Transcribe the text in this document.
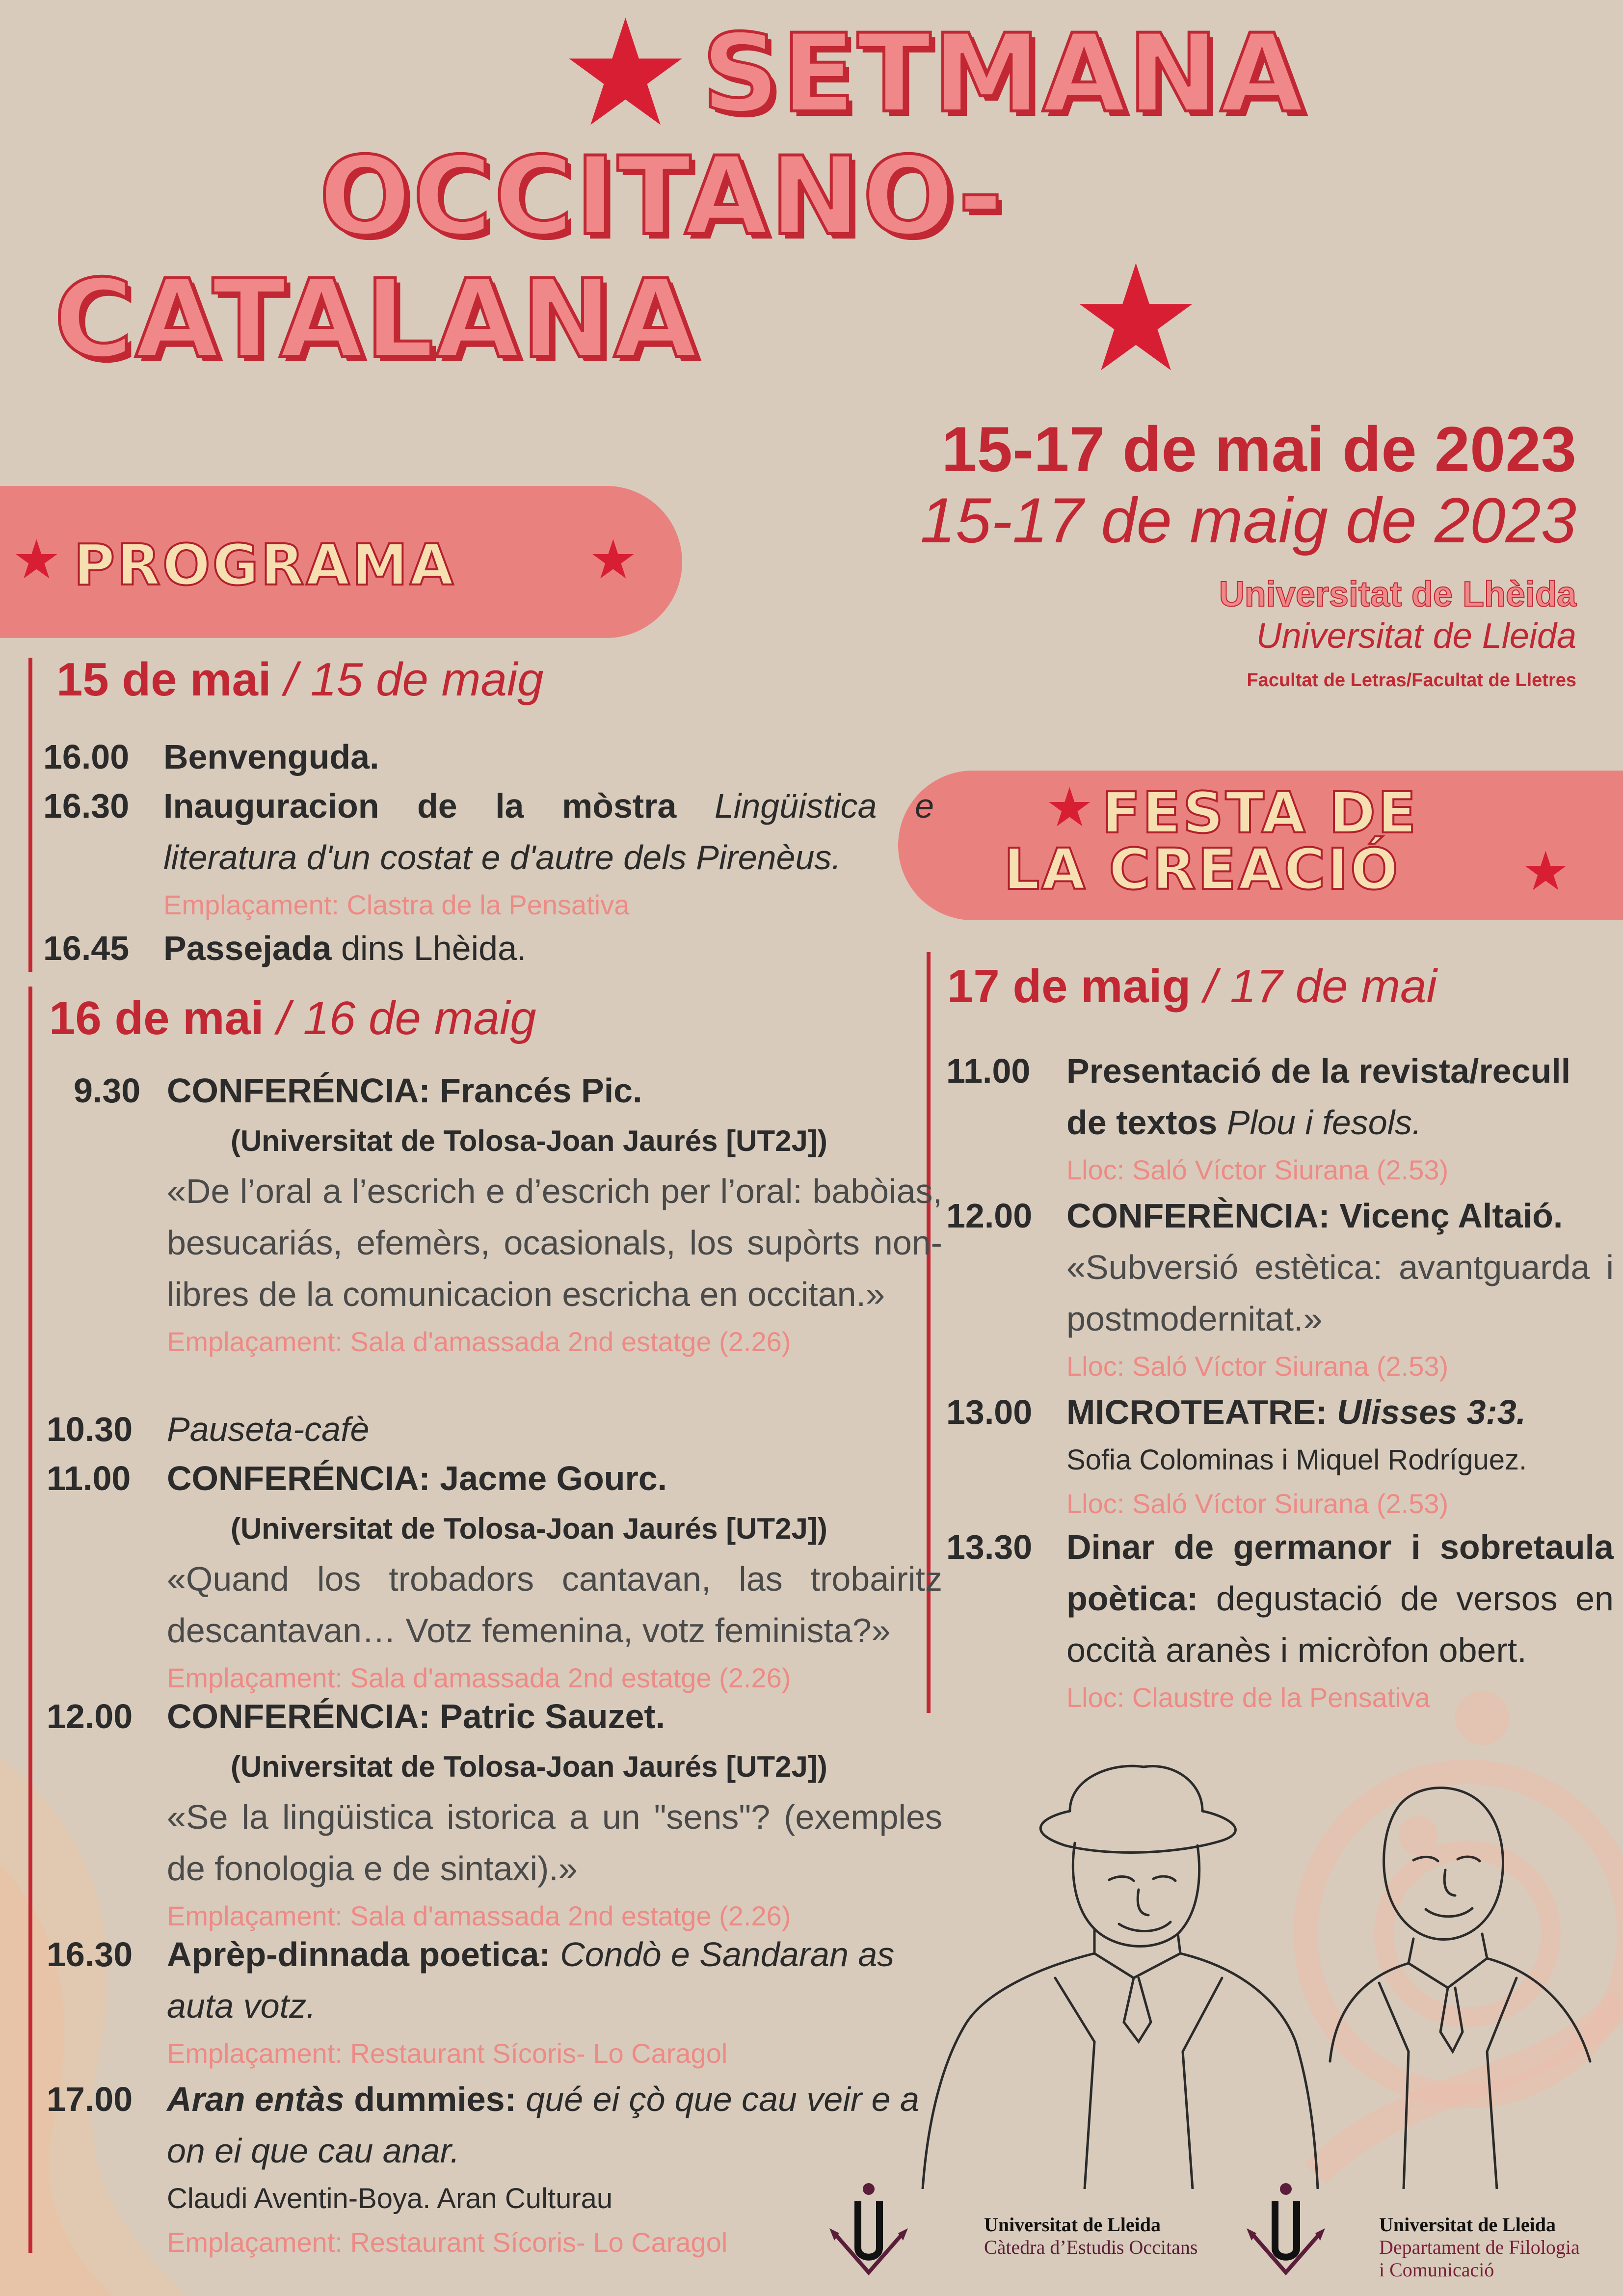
★ SETMANA
OCCITANO-
CATALANA	★
15-17 de mai de 2023
15-17 de maig de 2023
Universitat de Lhèida
Universitat de Lleida
Facultat de Letras/Facultat de Lletres
★ PROGRAMA ★
★ FESTA DE
LA CREACIÓ ★
15 de mai / 15 de maig
16.00 Benvenguda.
16.30 Inauguracion de la mòstra Lingüistica e literatura d'un costat e d'autre dels Pirenèus.
Emplaçament: Clastra de la Pensativa
16.45 Passejada dins Lhèida.
16 de mai / 16 de maig
9.30 CONFERÉNCIA: Francés Pic.
(Universitat de Tolosa-Joan Jaurés [UT2J])
«De l’oral a l’escrich e d’escrich per l’oral: babòias, besucariás, efemèrs, ocasionals, los supòrts non-libres de la comunicacion escricha en occitan.»
Emplaçament: Sala d'amassada 2nd estatge (2.26)
10.30 Pauseta-cafè
11.00 CONFERÉNCIA: Jacme Gourc.
(Universitat de Tolosa-Joan Jaurés [UT2J])
«Quand los trobadors cantavan, las trobairitz descantavan… Votz femenina, votz feminista?»
Emplaçament: Sala d'amassada 2nd estatge (2.26)
12.00 CONFERÉNCIA: Patric Sauzet.
(Universitat de Tolosa-Joan Jaurés [UT2J])
«Se la lingüistica istorica a un "sens"? (exemples de fonologia e de sintaxi).»
Emplaçament: Sala d'amassada 2nd estatge (2.26)
16.30 Aprèp-dinnada poetica: Condò e Sandaran as auta votz.
Emplaçament: Restaurant Sícoris- Lo Caragol
17.00 Aran entàs dummies: qué ei çò que cau veir e a on ei que cau anar.
Claudi Aventin-Boya. Aran Culturau
Emplaçament: Restaurant Sícoris- Lo Caragol
17 de maig / 17 de mai
11.00 Presentació de la revista/recull de textos Plou i fesols.
Lloc: Saló Víctor Siurana (2.53)
12.00 CONFERÈNCIA: Vicenç Altaió.
«Subversió estètica: avantguarda i postmodernitat.»
Lloc: Saló Víctor Siurana (2.53)
13.00 MICROTEATRE: Ulisses 3:3.
Sofia Colominas i Miquel Rodríguez.
Lloc: Saló Víctor Siurana (2.53)
13.30 Dinar de germanor i sobretaula poètica: degustació de versos en occità aranès i micròfon obert.
Lloc: Claustre de la Pensativa
Universitat de Lleida
Càtedra d’Estudis Occitans
Universitat de Lleida
Departament de Filologia
i Comunicació
